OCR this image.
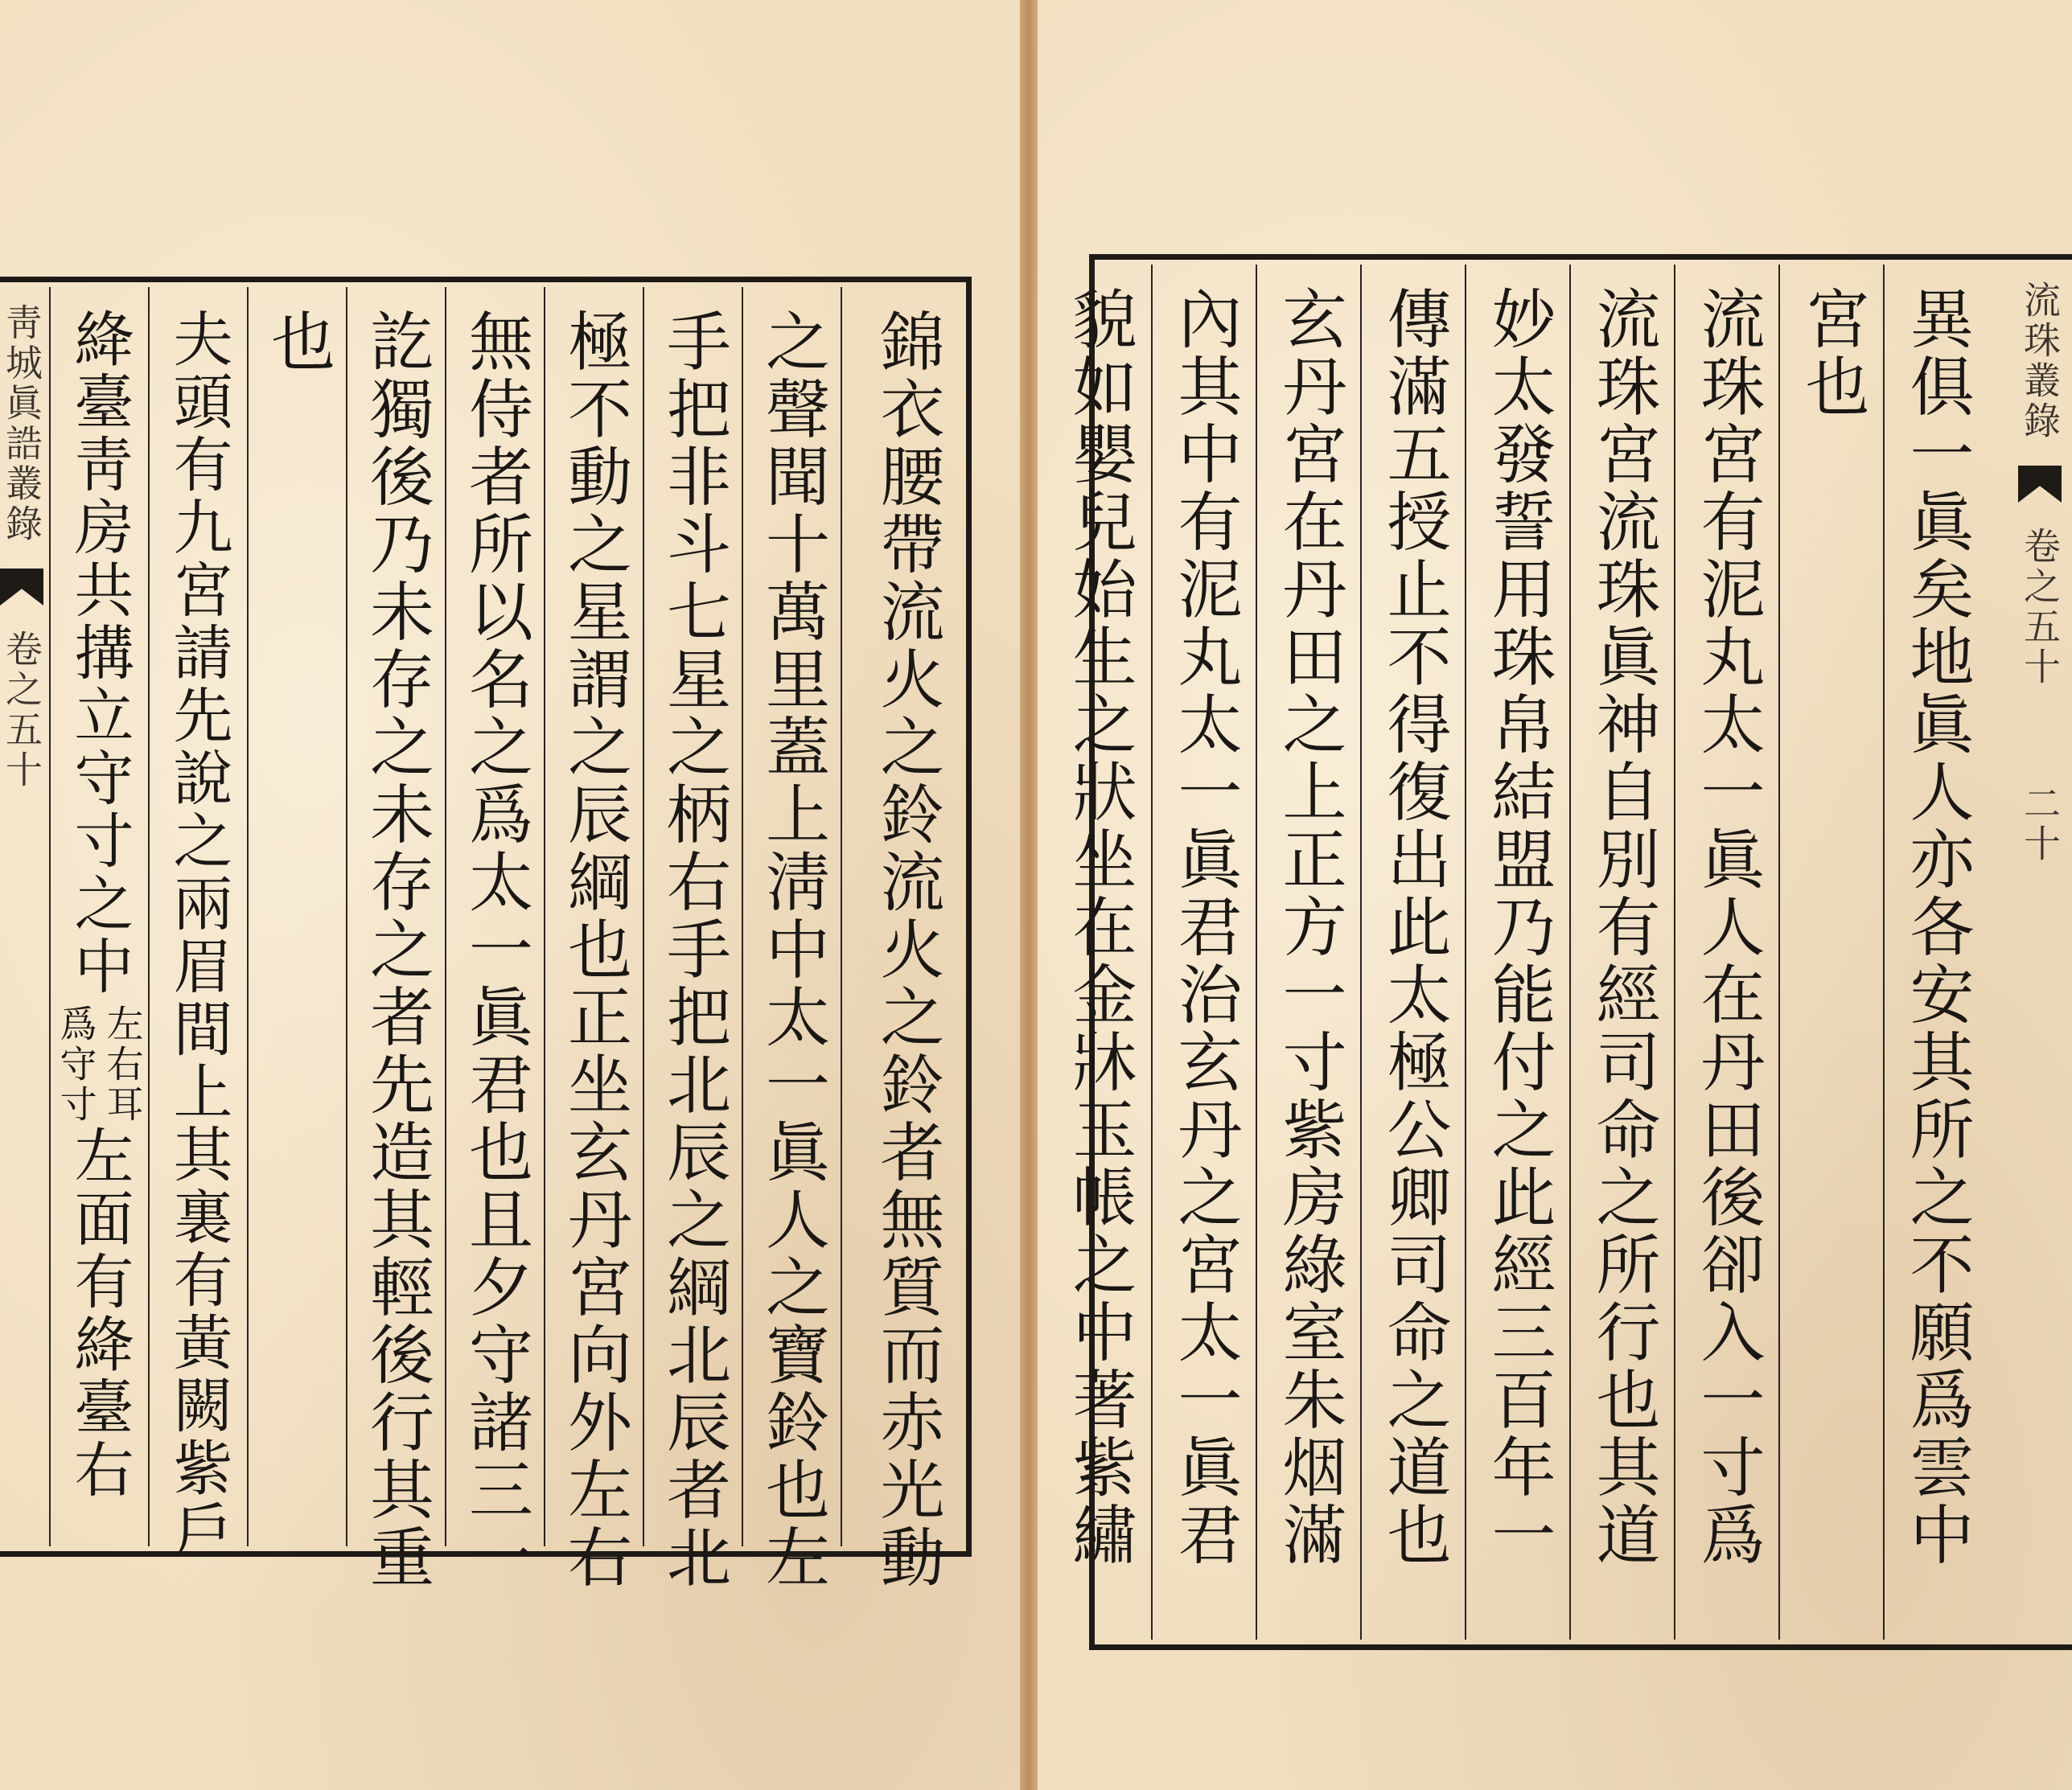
錦衣腰帶流火之鈴流火之鈴者無質而赤光動
之聲聞十萬里蓋上淸中太一眞人之寶鈴也左
手把非斗七星之柄右手把北辰之綱北辰者北
極不動之星謂之辰綱也正坐玄丹宮向外左右
無侍者所以名之爲太一眞君也且夕守諸三一
訖獨後乃未存之未存之者先造其輕後行其重
也
夫頭有九宮請先說之兩眉間上其裏有黃闕紫戶
絳臺靑房共搆立守寸之中
左右耳
爲守寸
左面有絳臺右
靑城眞誥叢錄
卷之五十
流珠叢錄
卷之五十
二十
異俱一眞矣地眞人亦各安其所之不願爲雲中
宮也
流珠宮有泥丸太一眞人在丹田後卻入一寸爲
流珠宮流珠眞神自別有經司命之所行也其道
妙太發誓用珠帛結盟乃能付之此經三百年一
傳滿五授止不得復出此太極公卿司命之道也
玄丹宮在丹田之上正方一寸紫房綠室朱烟滿
內其中有泥丸太一眞君治玄丹之宮太一眞君
貌如嬰兒始生之狀坐在金牀玉帳之中著紫繡
